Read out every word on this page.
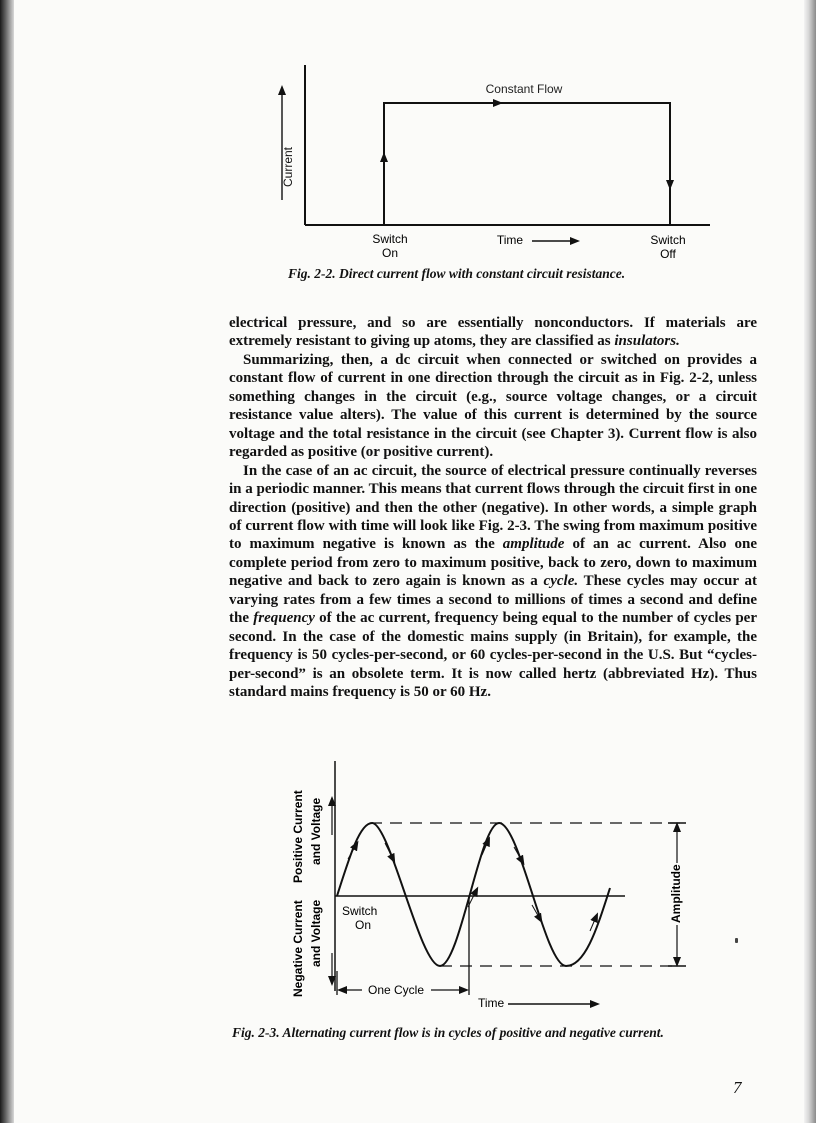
Current
Constant Flow
Switch
On
Time	Switch
Off

Fig. 2-2. Direct current flow with constant circuit resistance.

electrical pressure, and so are essentially nonconductors. If materials are extremely resistant to giving up atoms, they are classified as insulators.

Summarizing, then, a dc circuit when connected or switched on provides a constant flow of current in one direction through the circuit as in Fig. 2-2, unless something changes in the circuit (e.g., source voltage changes, or a circuit resistance value alters). The value of this current is determined by the source voltage and the total resistance in the circuit (see Chapter 3). Current flow is also regarded as positive (or positive current).

In the case of an ac circuit, the source of electrical pressure continually reverses in a periodic manner. This means that current flows through the circuit first in one direction (positive) and then the other (negative). In other words, a simple graph of current flow with time will look like Fig. 2-3. The swing from maximum positive to maximum negative is known as the amplitude of an ac current. Also one complete period from zero to maximum positive, back to zero, down to maximum negative and back to zero again is known as a cycle. These cycles may occur at varying rates from a few times a second to millions of times a second and define the frequency of the ac current, frequency being equal to the number of cycles per second. In the case of the domestic mains supply (in Britain), for example, the frequency is 50 cycles-per-second, or 60 cycles-per-second in the U.S. But “cycles-per-second” is an obsolete term. It is now called hertz (abbreviated Hz). Thus standard mains frequency is 50 or 60 Hz.

Positive Current and Voltage
Negative Current and Voltage Switch
On
One Cycle
Time
Amplitude

Fig. 2-3. Alternating current flow is in cycles of positive and negative current.

7
